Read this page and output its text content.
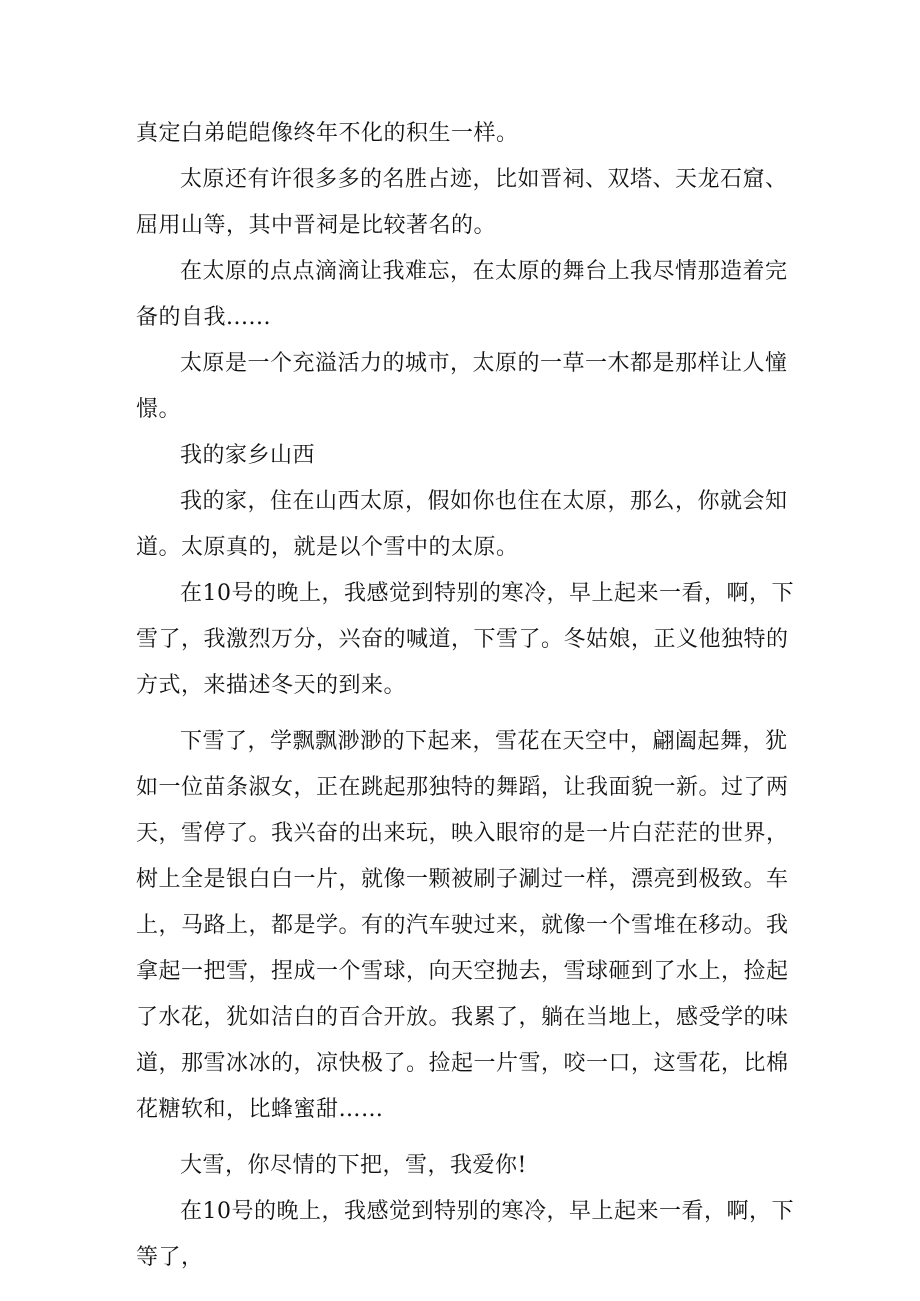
真定白弟皑皑像终年不化的积生一样。

太原还有许很多多的名胜占迹，比如晋祠、双塔、天龙石窟、屈用山等，其中晋祠是比较著名的。

在太原的点点滴滴让我难忘，在太原的舞台上我尽情那造着完备的自我......

太原是一个充溢活力的城市，太原的一草一木都是那样让人憧憬。

我的家乡山西

我的家，住在山西太原，假如你也住在太原，那么，你就会知道。太原真的，就是以个雪中的太原。

在10号的晚上，我感觉到特别的寒冷，早上起来一看，啊，下雪了，我激烈万分，兴奋的喊道，下雪了。冬姑娘，正义他独特的方式，来描述冬天的到来。

下雪了，学飘飘渺渺的下起来，雪花在天空中，翩阖起舞，犹如一位苗条淑女，正在跳起那独特的舞蹈，让我面貌一新。过了两天，雪停了。我兴奋的出来玩，映入眼帘的是一片白茫茫的世界，树上全是银白白一片，就像一颗被刷子涮过一样，漂亮到极致。车上，马路上，都是学。有的汽车驶过来，就像一个雪堆在移动。我拿起一把雪，捏成一个雪球，向天空抛去，雪球砸到了水上，捡起了水花，犹如洁白的百合开放。我累了，躺在当地上，感受学的味道，那雪冰冰的，凉快极了。捡起一片雪，咬一口，这雪花，比棉花糖软和，比蜂蜜甜……

大雪，你尽情的下把，雪，我爱你!

在10号的晚上，我感觉到特别的寒冷，早上起来一看，啊，下等了，
